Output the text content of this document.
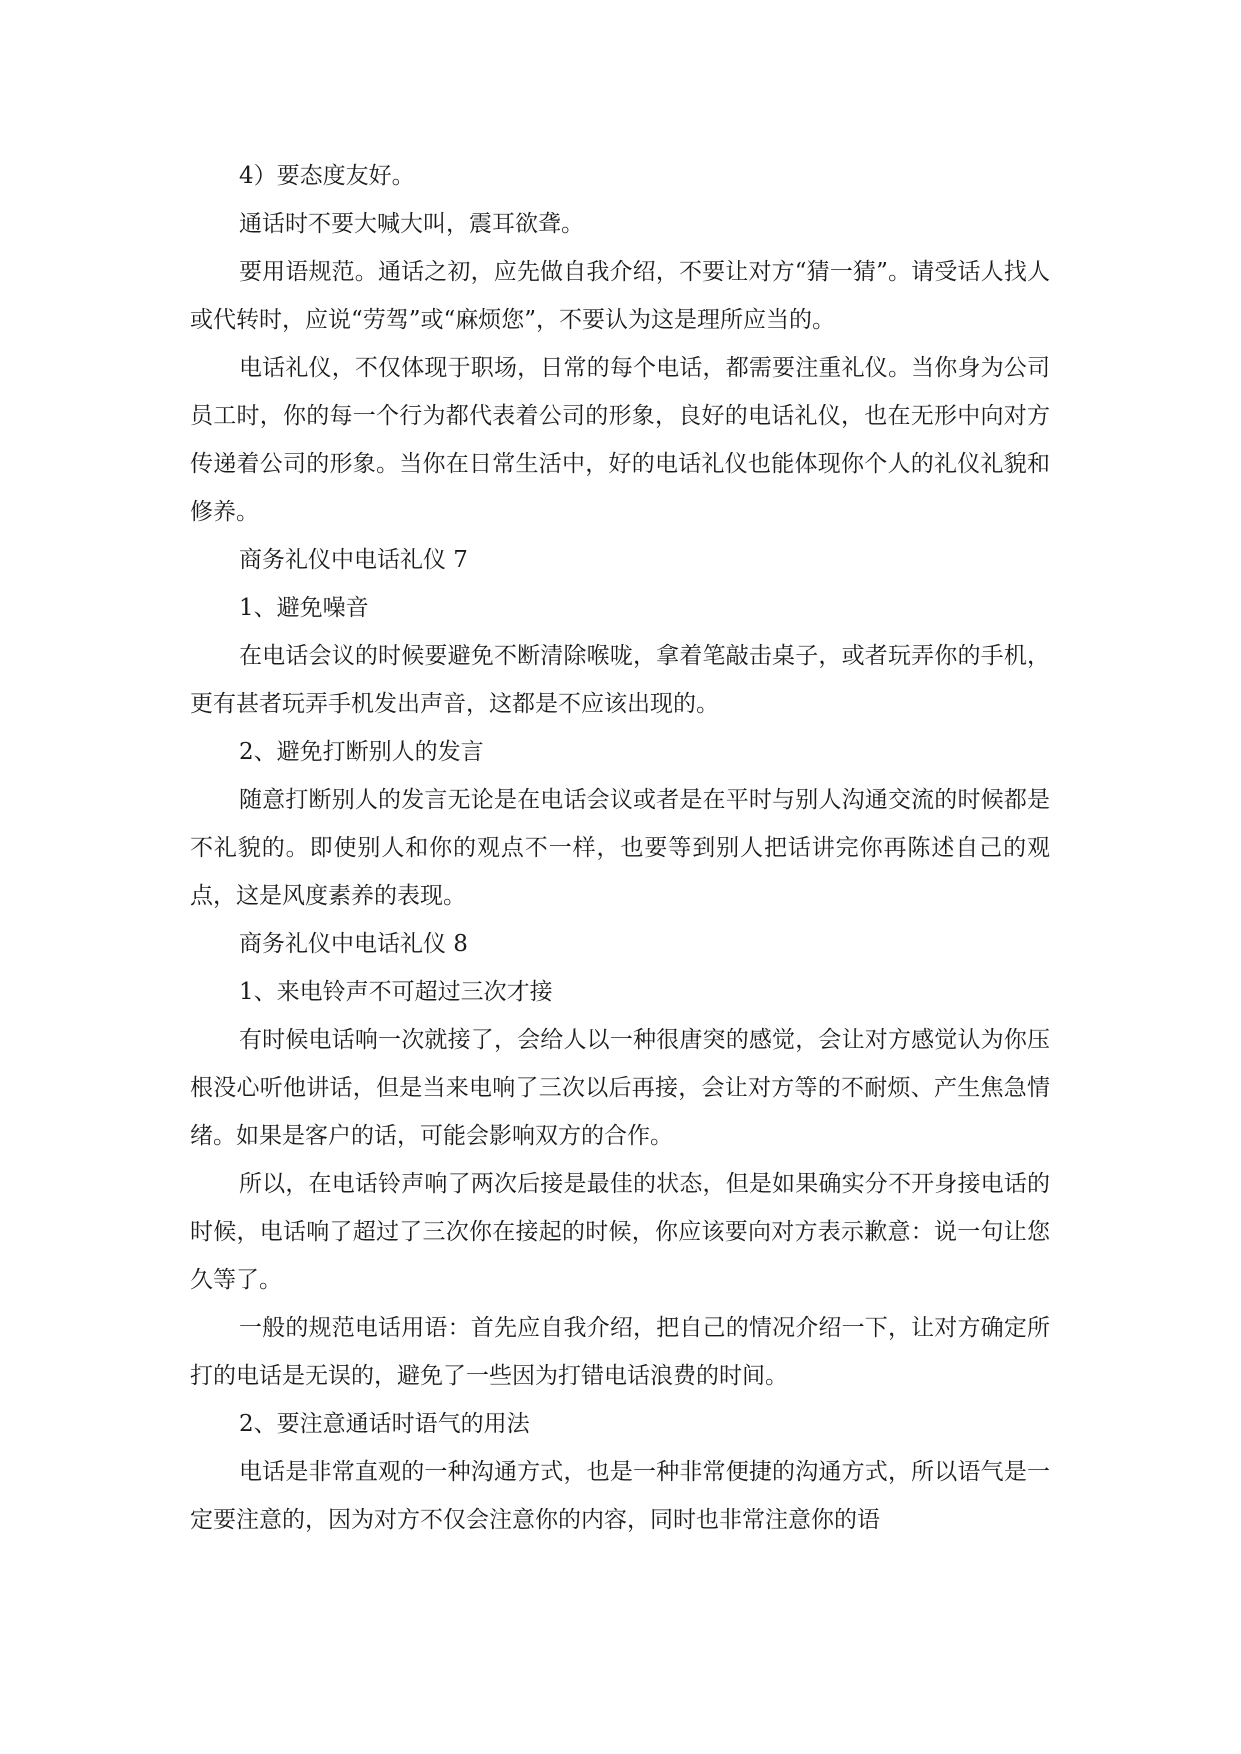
4）要态度友好。

通话时不要大喊大叫，震耳欲聋。

要用语规范。通话之初，应先做自我介绍，不要让对方“猜一猜”。请受话人找人或代转时，应说“劳驾”或“麻烦您”，不要认为这是理所应当的。

电话礼仪，不仅体现于职场，日常的每个电话，都需要注重礼仪。当你身为公司员工时，你的每一个行为都代表着公司的形象，良好的电话礼仪，也在无形中向对方传递着公司的形象。当你在日常生活中，好的电话礼仪也能体现你个人的礼仪礼貌和修养。

商务礼仪中电话礼仪 7

1、避免噪音

在电话会议的时候要避免不断清除喉咙，拿着笔敲击桌子，或者玩弄你的手机，更有甚者玩弄手机发出声音，这都是不应该出现的。

2、避免打断别人的发言

随意打断别人的发言无论是在电话会议或者是在平时与别人沟通交流的时候都是不礼貌的。即使别人和你的观点不一样，也要等到别人把话讲完你再陈述自己的观点，这是风度素养的表现。

商务礼仪中电话礼仪 8

1、来电铃声不可超过三次才接

有时候电话响一次就接了，会给人以一种很唐突的感觉，会让对方感觉认为你压根没心听他讲话，但是当来电响了三次以后再接，会让对方等的不耐烦、产生焦急情绪。如果是客户的话，可能会影响双方的合作。

所以，在电话铃声响了两次后接是最佳的状态，但是如果确实分不开身接电话的时候，电话响了超过了三次你在接起的时候，你应该要向对方表示歉意：说一句让您久等了。

一般的规范电话用语：首先应自我介绍，把自己的情况介绍一下，让对方确定所打的电话是无误的，避免了一些因为打错电话浪费的时间。

2、要注意通话时语气的用法

电话是非常直观的一种沟通方式，也是一种非常便捷的沟通方式，所以语气是一定要注意的，因为对方不仅会注意你的内容，同时也非常注意你的语
